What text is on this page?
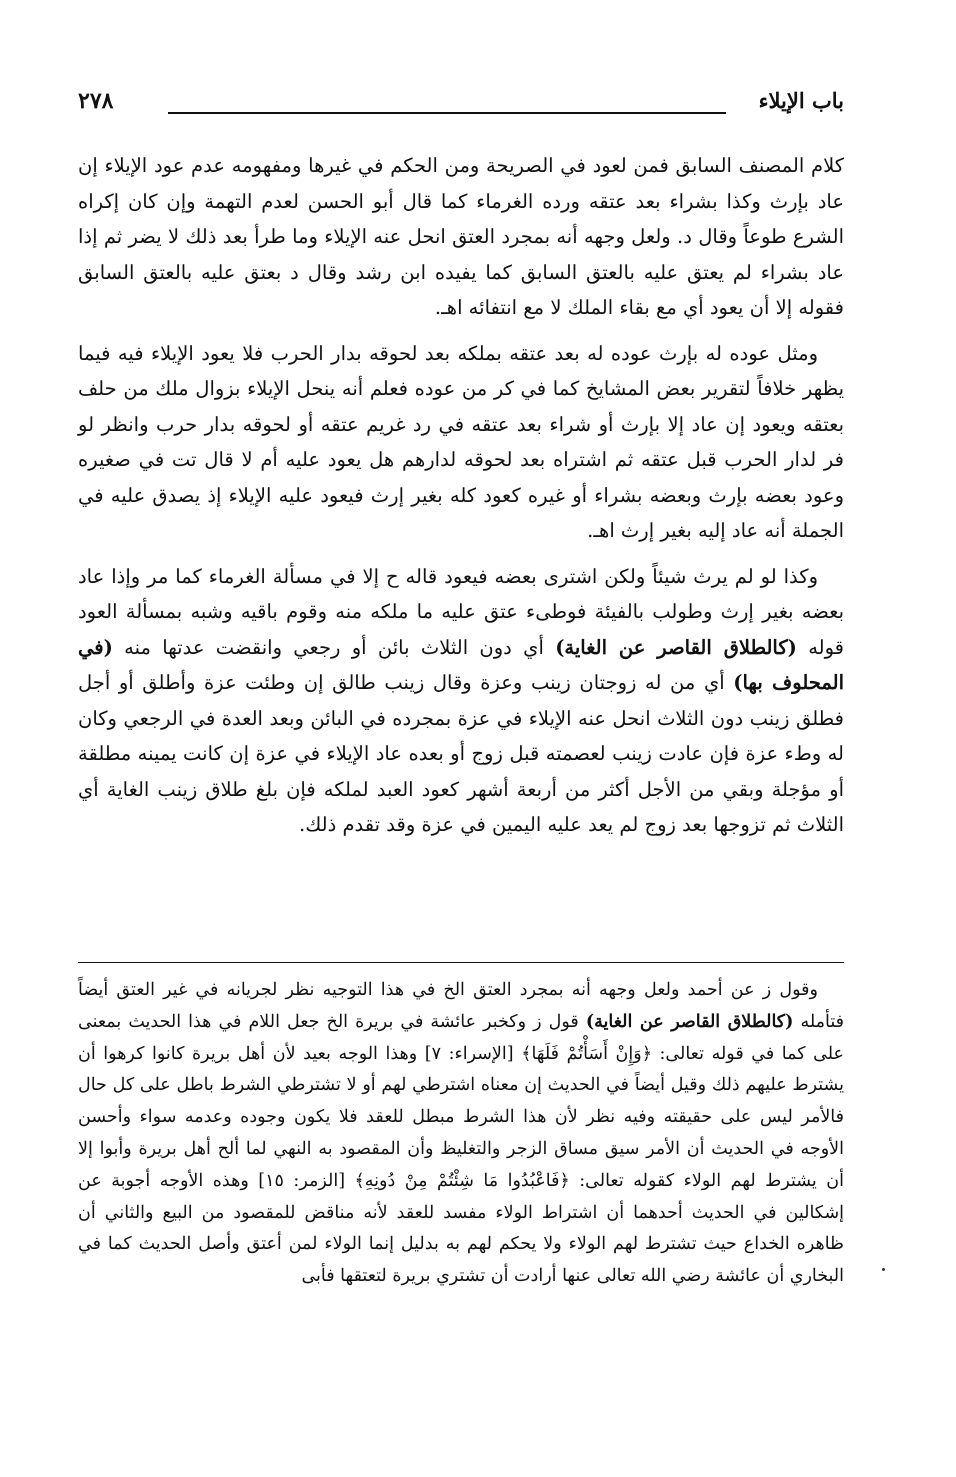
باب الإيلاء
٢٧٨

كلام المصنف السابق فمن لعود في الصريحة ومن الحكم في غيرها ومفهومه عدم عود الإيلاء إن عاد بإرث وكذا بشراء بعد عتقه ورده الغرماء كما قال أبو الحسن لعدم التهمة وإن كان إكراه الشرع طوعاً وقال د. ولعل وجهه أنه بمجرد العتق انحل عنه الإيلاء وما طرأ بعد ذلك لا يضر ثم إذا عاد بشراء لم يعتق عليه بالعتق السابق كما يفيده ابن رشد وقال د بعتق عليه بالعتق السابق فقوله إلا أن يعود أي مع بقاء الملك لا مع انتفائه اهـ.

ومثل عوده له بإرث عوده له بعد عتقه بملكه بعد لحوقه بدار الحرب فلا يعود الإيلاء فيه فيما يظهر خلافاً لتقرير بعض المشايخ كما في كر من عوده فعلم أنه ينحل الإيلاء بزوال ملك من حلف بعتقه ويعود إن عاد إلا بإرث أو شراء بعد عتقه في رد غريم عتقه أو لحوقه بدار حرب وانظر لو فر لدار الحرب قبل عتقه ثم اشتراه بعد لحوقه لدارهم هل يعود عليه أم لا قال تت في صغيره وعود بعضه بإرث وبعضه بشراء أو غيره كعود كله بغير إرث فيعود عليه الإيلاء إذ يصدق عليه في الجملة أنه عاد إليه بغير إرث اهـ.

وكذا لو لم يرث شيئاً ولكن اشترى بعضه فيعود قاله ح إلا في مسألة الغرماء كما مر وإذا عاد بعضه بغير إرث وطولب بالفيئة فوطىء عتق عليه ما ملكه منه وقوم باقيه وشبه بمسألة العود قوله (كالطلاق القاصر عن الغاية) أي دون الثلاث بائن أو رجعي وانقضت عدتها منه (في المحلوف بها) أي من له زوجتان زينب وعزة وقال زينب طالق إن وطئت عزة وأطلق أو أجل فطلق زينب دون الثلاث انحل عنه الإيلاء في عزة بمجرده في البائن وبعد العدة في الرجعي وكان له وطء عزة فإن عادت زينب لعصمته قبل زوج أو بعده عاد الإيلاء في عزة إن كانت يمينه مطلقة أو مؤجلة وبقي من الأجل أكثر من أربعة أشهر كعود العبد لملكه فإن بلغ طلاق زينب الغاية أي الثلاث ثم تزوجها بعد زوج لم يعد عليه اليمين في عزة وقد تقدم ذلك.

وقول ز عن أحمد ولعل وجهه أنه بمجرد العتق الخ في هذا التوجيه نظر لجريانه في غير العتق أيضاً فتأمله (كالطلاق القاصر عن الغاية) قول ز وكخبر عائشة في بريرة الخ جعل اللام في هذا الحديث بمعنى على كما في قوله تعالى: ﴿وَإِنْ أَسَأْتُمْ فَلَهَا﴾ [الإسراء: ٧] وهذا الوجه بعيد لأن أهل بريرة كانوا كرهوا أن يشترط عليهم ذلك وقيل أيضاً في الحديث إن معناه اشترطي لهم أو لا تشترطي الشرط باطل على كل حال فالأمر ليس على حقيقته وفيه نظر لأن هذا الشرط مبطل للعقد فلا يكون وجوده وعدمه سواء وأحسن الأوجه في الحديث أن الأمر سيق مساق الزجر والتغليظ وأن المقصود به النهي لما ألح أهل بريرة وأبوا إلا أن يشترط لهم الولاء كقوله تعالى: ﴿فَاعْبُدُوا مَا شِئْتُمْ مِنْ دُونِهِ﴾ [الزمر: ١٥] وهذه الأوجه أجوبة عن إشكالين في الحديث أحدهما أن اشتراط الولاء مفسد للعقد لأنه مناقض للمقصود من البيع والثاني أن ظاهره الخداع حيث تشترط لهم الولاء ولا يحكم لهم به بدليل إنما الولاء لمن أعتق وأصل الحديث كما في البخاري أن عائشة رضي الله تعالى عنها أرادت أن تشتري بريرة لتعتقها فأبى
